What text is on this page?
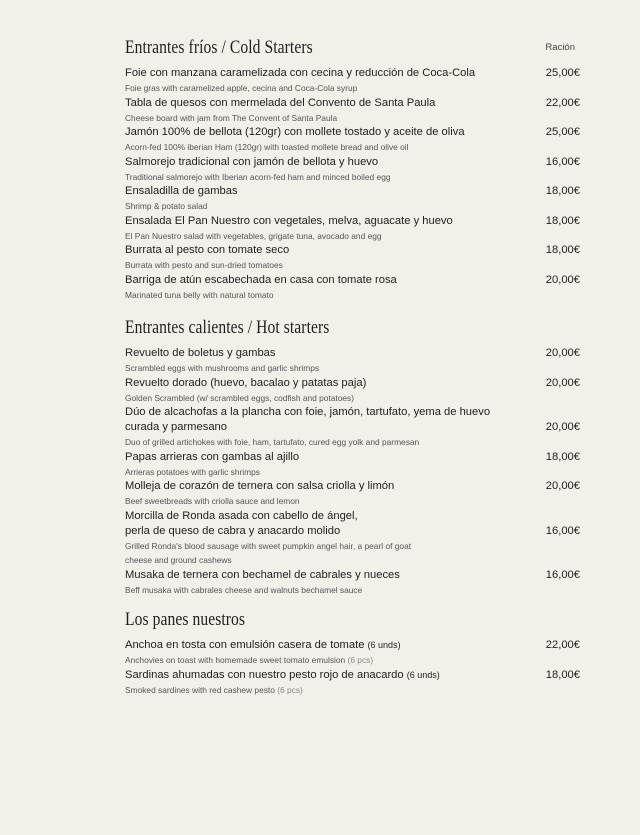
Entrantes fríos / Cold Starters	Ración
Foie con manzana caramelizada con cecina y reducción de Coca-Cola	25,00€
Foie gras with caramelized apple, cecina and Coca-Cola syrup
Tabla de quesos con mermelada del Convento de Santa Paula	22,00€
Cheese board with jam from The Convent of Santa Paula
Jamón 100% de bellota (120gr) con mollete tostado y aceite de oliva	25,00€
Acorn-fed 100% iberian Ham (120gr) with toasted mollete bread and olive oil
Salmorejo tradicional con jamón de bellota y huevo	16,00€
Traditional salmorejo with Iberian acorn-fed ham and minced boiled egg
Ensaladilla de gambas	18,00€
Shrimp & potato salad
Ensalada El Pan Nuestro con vegetales, melva, aguacate y huevo	18,00€
El Pan Nuestro salad with vegetables, grigate tuna, avocado and egg
Burrata al pesto con tomate seco	18,00€
Burrata with pesto and sun-dried tomatoes
Barriga de atún escabechada en casa con tomate rosa	20,00€
Marinated tuna belly with natural tomato
Entrantes calientes / Hot starters
Revuelto de boletus y gambas	20,00€
Scrambled eggs with mushrooms and garlic shrimps
Revuelto dorado (huevo, bacalao y patatas paja)	20,00€
Golden Scrambled (w/ scrambled eggs, codfish and potatoes)
Dúo de alcachofas a la plancha con foie, jamón, tartufato, yema de huevo
curada y parmesano	20,00€
Duo of grilled artichokes with foie, ham, tartufato, cured egg yolk and parmesan
Papas arrieras con gambas al ajillo	18,00€
Arrieras potatoes with garlic shrimps
Molleja de corazón de ternera con salsa criolla y limón	20,00€
Beef sweetbreads with criolla sauce and lemon
Morcilla de Ronda asada con cabello de ángel,
perla de queso de cabra y anacardo molido	16,00€
Grilled Ronda's blood sausage with sweet pumpkin angel hair, a pearl of goat
cheese and ground cashews
Musaka de ternera con bechamel de cabrales y nueces	16,00€
Beff musaka with cabrales cheese and walnuts bechamel sauce
Los panes nuestros
Anchoa en tosta con emulsión casera de tomate (6 unds)	22,00€
Anchovies on toast with homemade sweet tomato emulsion (6 pcs)
Sardinas ahumadas con nuestro pesto rojo de anacardo (6 unds)	18,00€
Smoked sardines with red cashew pesto (6 pcs)
